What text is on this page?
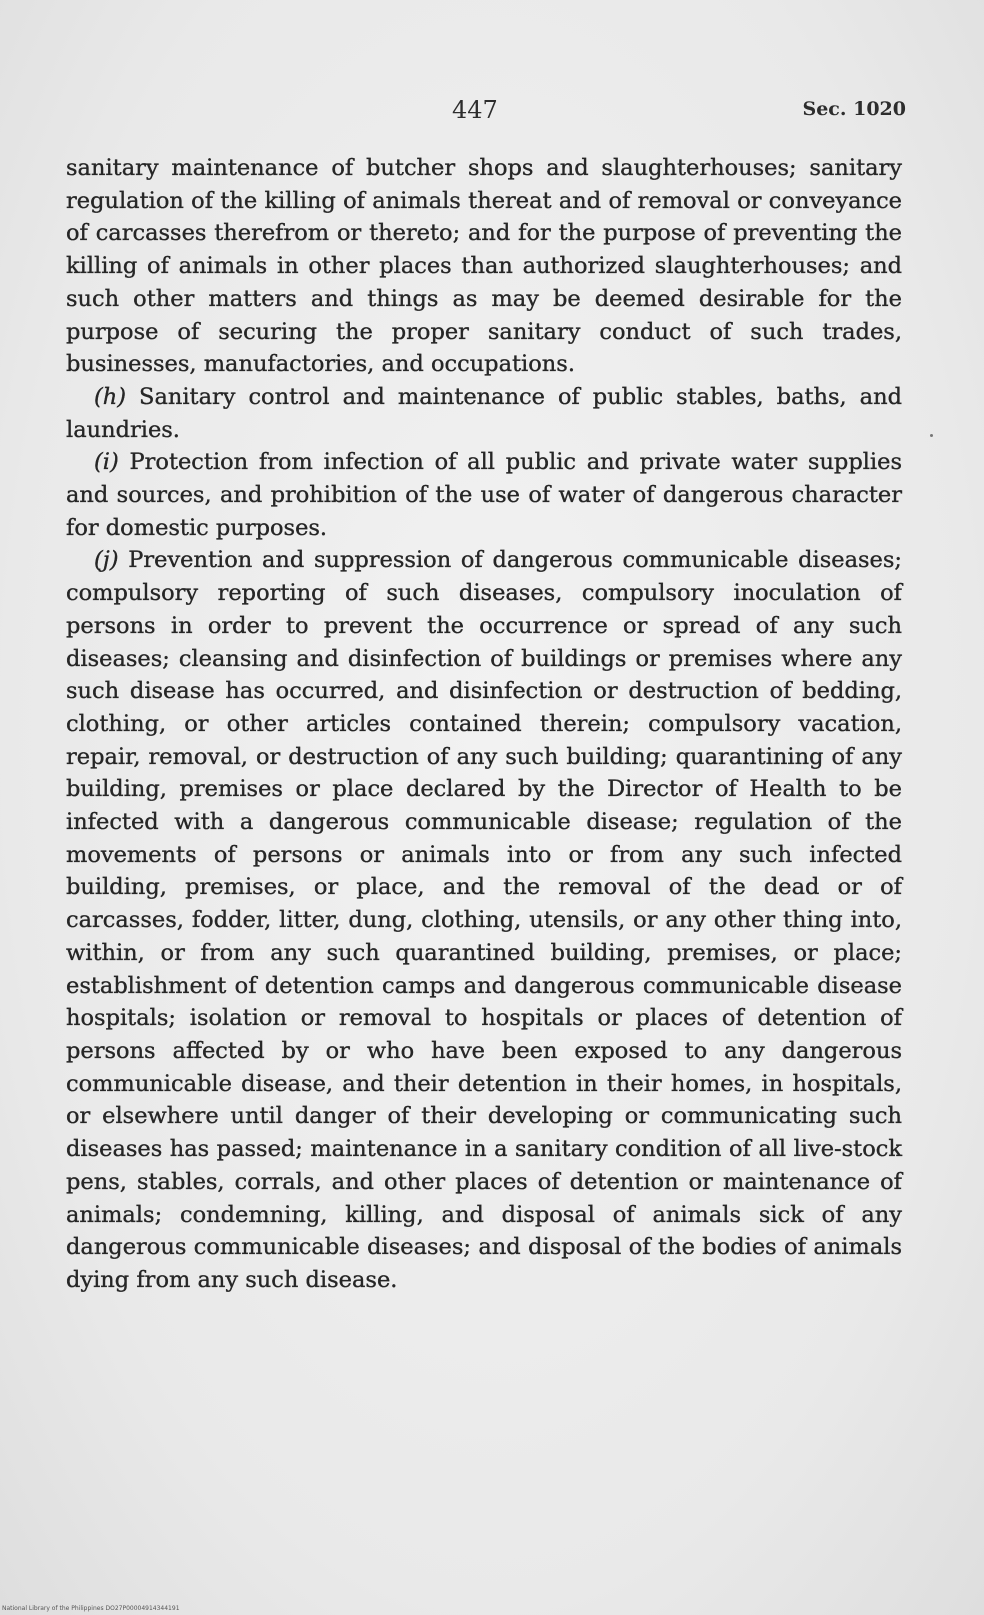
447	Sec. 1020

sanitary maintenance of butcher shops and slaughterhouses; sanitary regulation of the killing of animals thereat and of removal or conveyance of carcasses therefrom or thereto; and for the purpose of preventing the killing of animals in other places than authorized slaughterhouses; and such other matters and things as may be deemed desirable for the purpose of securing the proper sanitary conduct of such trades, businesses, manufactories, and occupations.

(h) Sanitary control and maintenance of public stables, baths, and laundries.

(i) Protection from infection of all public and private water supplies and sources, and prohibition of the use of water of dangerous character for domestic purposes.

(j) Prevention and suppression of dangerous communicable diseases; compulsory reporting of such diseases, compulsory inoculation of persons in order to prevent the occurrence or spread of any such diseases; cleansing and disinfection of buildings or premises where any such disease has occurred, and disinfection or destruction of bedding, clothing, or other articles contained therein; compulsory vacation, repair, removal, or destruction of any such building; quarantining of any building, premises or place declared by the Director of Health to be infected with a dangerous communicable disease; regulation of the movements of persons or animals into or from any such infected building, premises, or place, and the removal of the dead or of carcasses, fodder, litter, dung, clothing, utensils, or any other thing into, within, or from any such quarantined building, premises, or place; establishment of detention camps and dangerous communicable disease hospitals; isolation or removal to hospitals or places of detention of persons affected by or who have been exposed to any dangerous communicable disease, and their detention in their homes, in hospitals, or elsewhere until danger of their developing or communicating such diseases has passed; maintenance in a sanitary condition of all live-stock pens, stables, corrals, and other places of detention or maintenance of animals; condemning, killing, and disposal of animals sick of any dangerous communicable diseases; and disposal of the bodies of animals dying from any such disease.

National Library of the Philippines DO27P00004914344191
